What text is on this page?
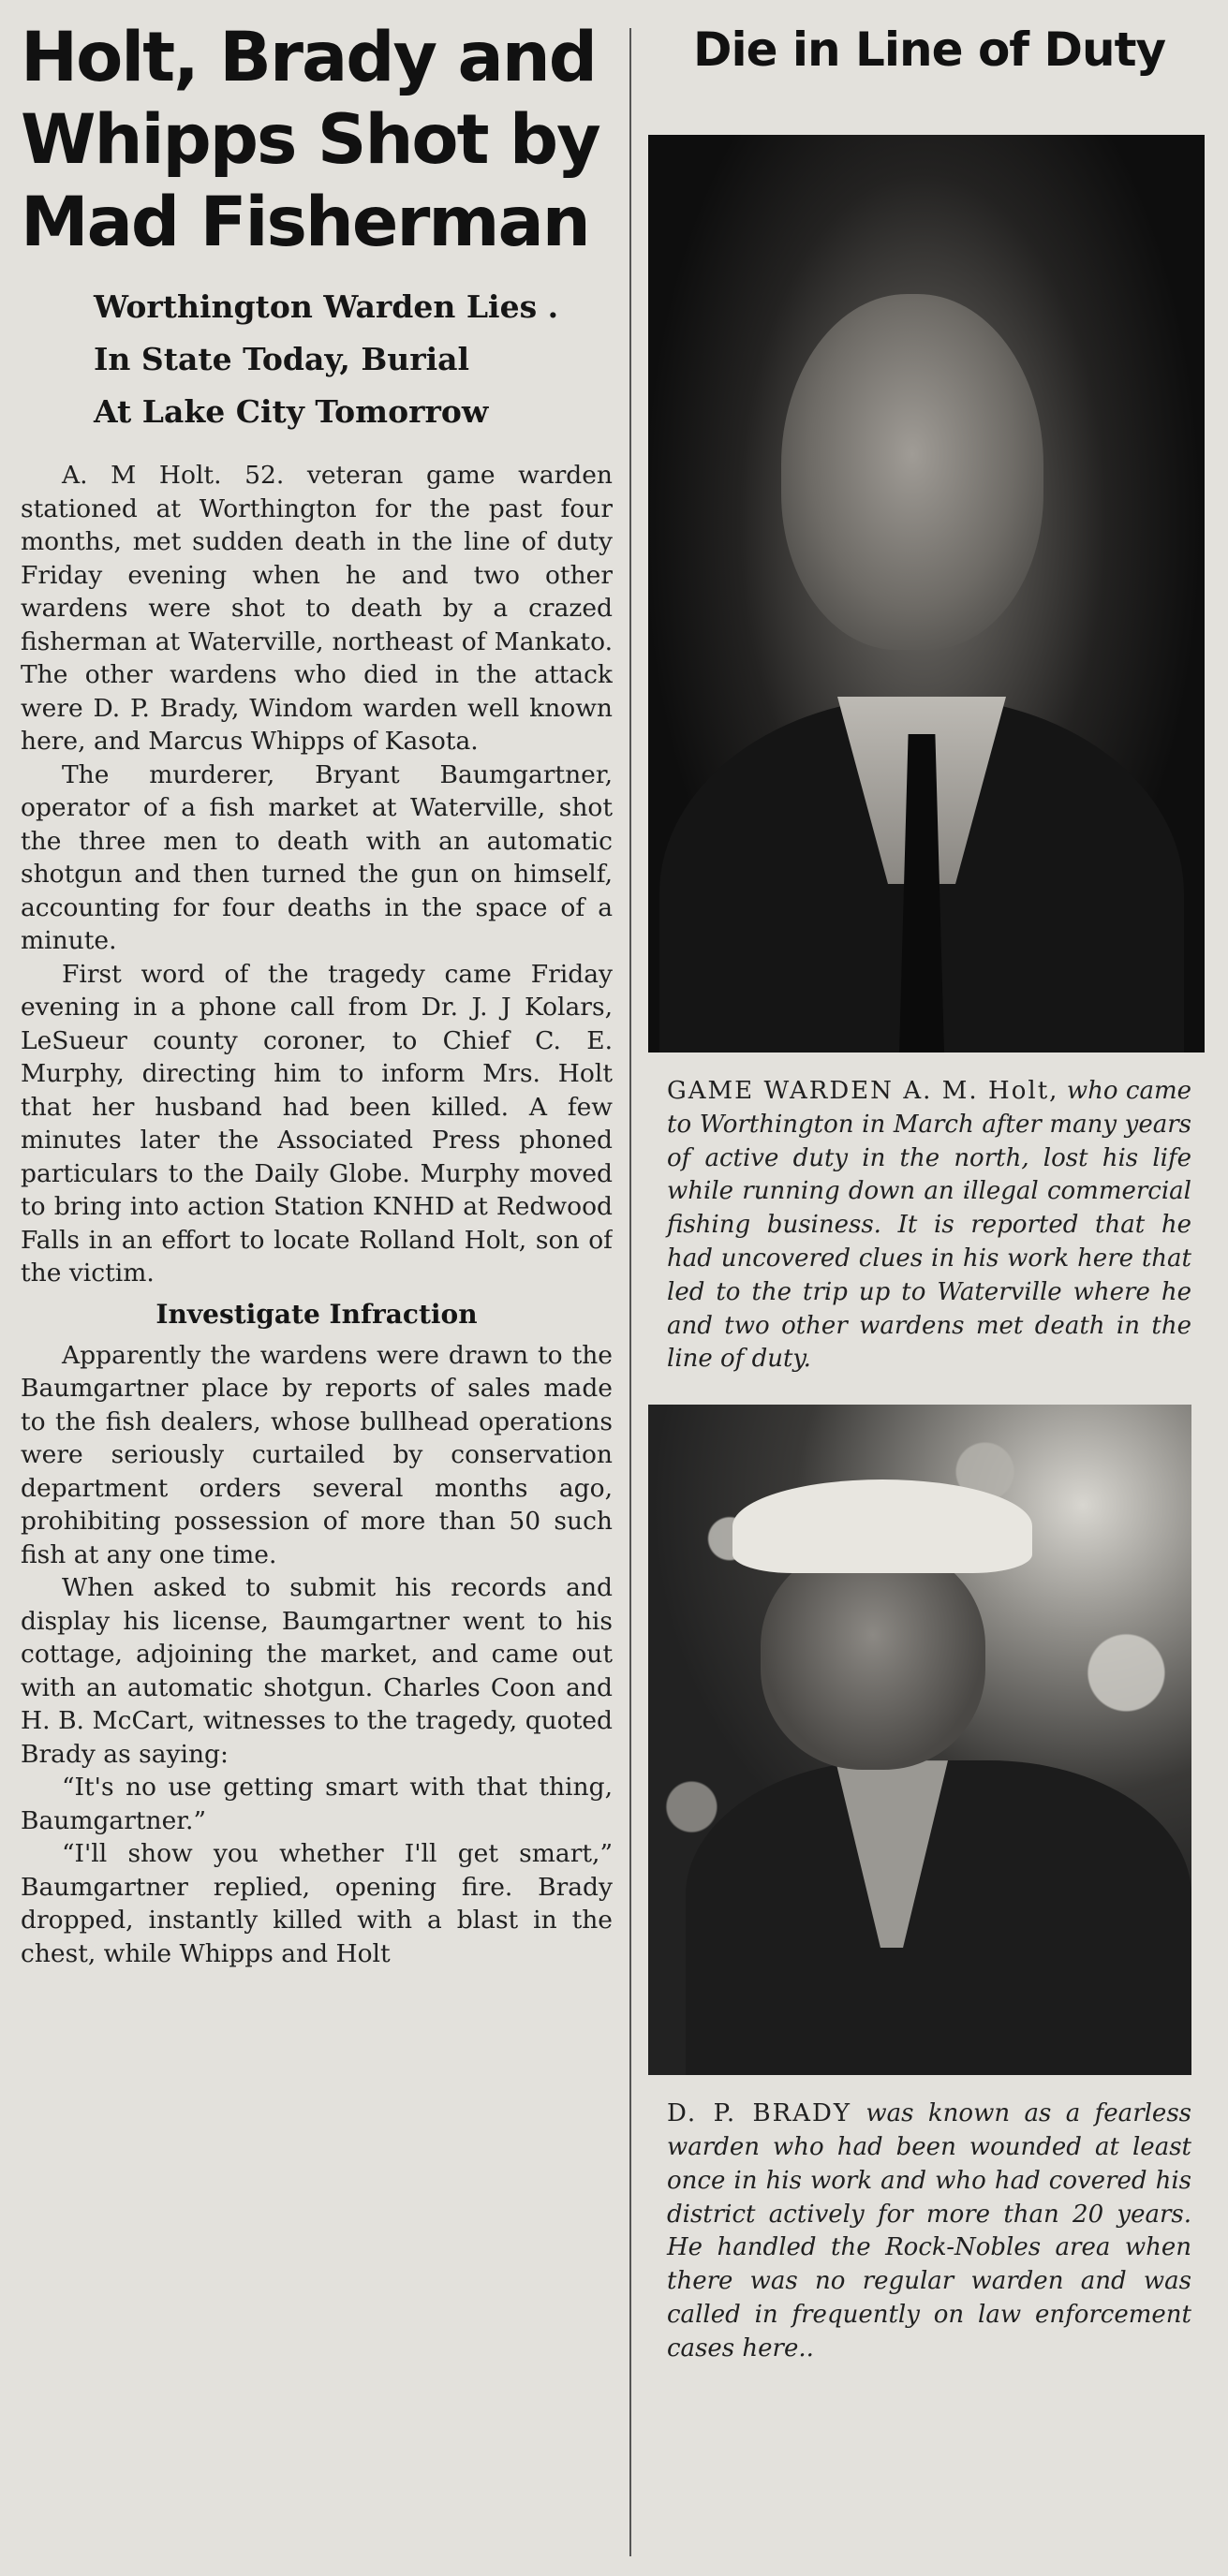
Holt, Brady and
Whipps Shot by
Mad Fisherman
Worthington Warden Lies .
In State Today, Burial
At Lake City Tomorrow

A. M Holt. 52. veteran game warden stationed at Worthington for the past four months, met sudden death in the line of duty Friday evening when he and two other wardens were shot to death by a crazed fisherman at Waterville, northeast of Mankato. The other wardens who died in the attack were D. P. Brady, Windom warden well known here, and Marcus Whipps of Kasota.

The murderer, Bryant Baumgartner, operator of a fish market at Waterville, shot the three men to death with an automatic shotgun and then turned the gun on himself, accounting for four deaths in the space of a minute.

First word of the tragedy came Friday evening in a phone call from Dr. J. J Kolars, LeSueur county coroner, to Chief C. E. Murphy, directing him to inform Mrs. Holt that her husband had been killed. A few minutes later the Associated Press phoned particulars to the Daily Globe. Murphy moved to bring into action Station KNHD at Redwood Falls in an effort to locate Rolland Holt, son of the victim.

Investigate Infraction

Apparently the wardens were drawn to the Baumgartner place by reports of sales made to the fish dealers, whose bullhead operations were seriously curtailed by conservation department orders several months ago, prohibiting possession of more than 50 such fish at any one time.

When asked to submit his records and display his license, Baumgartner went to his cottage, adjoining the market, and came out with an automatic shotgun. Charles Coon and H. B. McCart, witnesses to the tragedy, quoted Brady as saying:

“It's no use getting smart with that thing, Baumgartner.”

“I'll show you whether I'll get smart,” Baumgartner replied, opening fire. Brady dropped, instantly killed with a blast in the chest, while Whipps and Holt

Die in Line of Duty

GAME WARDEN A. M. Holt, who came to Worthington in March after many years of active duty in the north, lost his life while running down an illegal commercial fishing business. It is reported that he had uncovered clues in his work here that led to the trip up to Waterville where he and two other wardens met death in the line of duty.

D. P. BRADY was known as a fearless warden who had been wounded at least once in his work and who had covered his district actively for more than 20 years. He handled the Rock-Nobles area when there was no regular warden and was called in frequently on law enforcement cases here..
